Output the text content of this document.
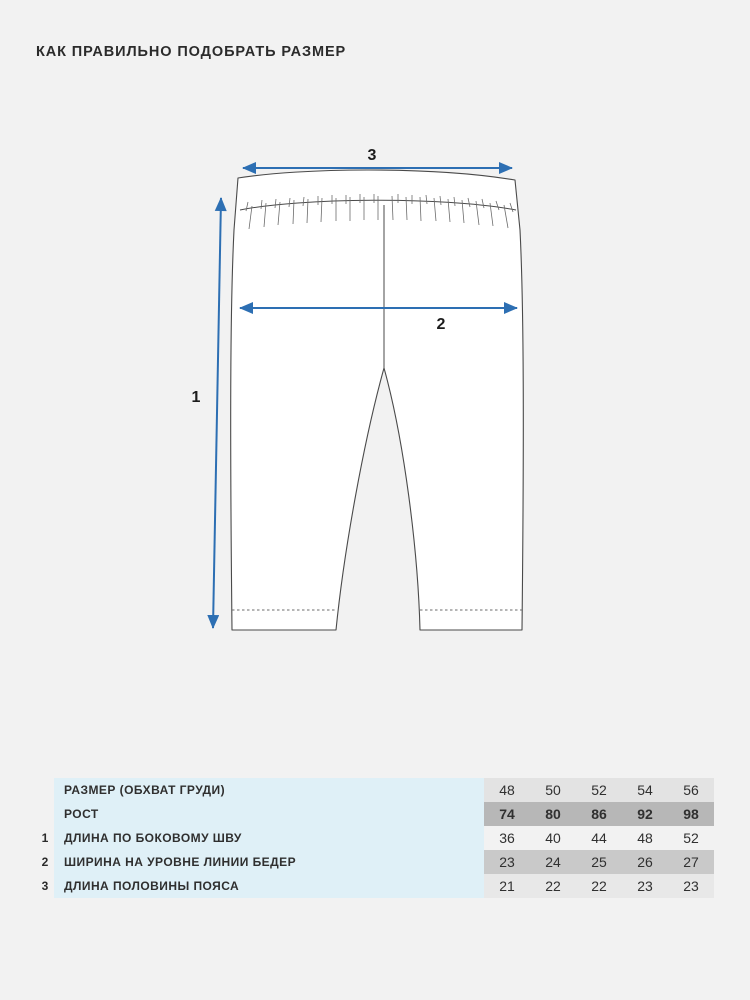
КАК ПРАВИЛЬНО ПОДОБРАТЬ РАЗМЕР
3
2
1
	РАЗМЕР (ОБХВАТ ГРУДИ)	48	50	52	54	56
	РОСТ	74	80	86	92	98
1	ДЛИНА ПО БОКОВОМУ ШВУ	36	40	44	48	52
2	ШИРИНА НА УРОВНЕ ЛИНИИ БЕДЕР	23	24	25	26	27
3	ДЛИНА ПОЛОВИНЫ ПОЯСА	21	22	22	23	23
